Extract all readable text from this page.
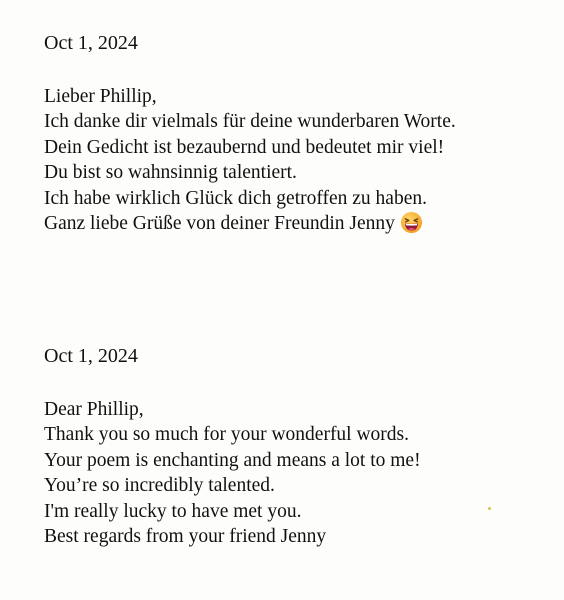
Oct 1, 2024
Lieber Phillip,
Ich danke dir vielmals für deine wunderbaren Worte.
Dein Gedicht ist bezaubernd und bedeutet mir viel!
Du bist so wahnsinnig talentiert.
Ich habe wirklich Glück dich getroffen zu haben.
Ganz liebe Grüße von deiner Freundin Jenny
Oct 1, 2024
Dear Phillip,
Thank you so much for your wonderful words.
Your poem is enchanting and means a lot to me!
You’re so incredibly talented.
I'm really lucky to have met you.
Best regards from your friend Jenny
